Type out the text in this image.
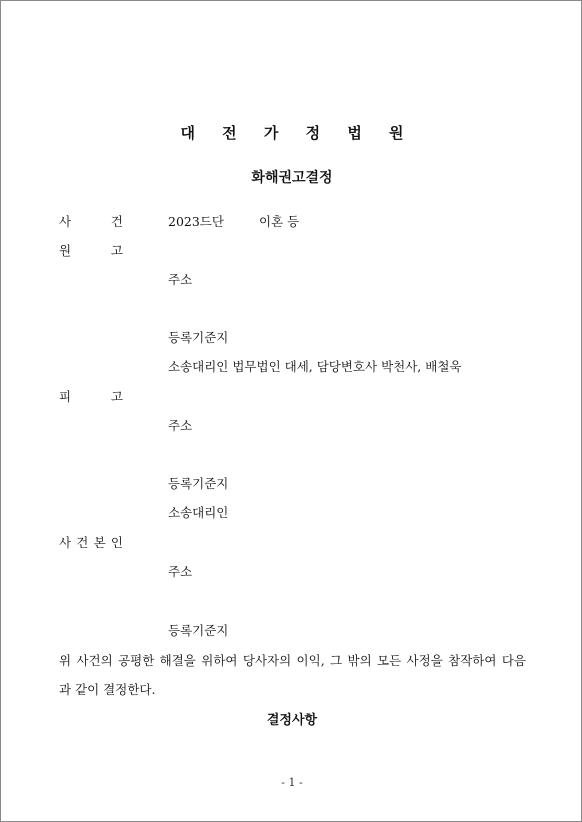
대 전 가 정 법 원
화해권고결정
사	건	2023드단	이혼 등
원	고
주소
등록기준지
소송대리인 법무법인 대세, 담당변호사 박천사, 배철욱
피	고
주소
등록기준지
소송대리인
사 건 본 인
주소
등록기준지
위 사건의 공평한 해결을 위하여 당사자의 이익, 그 밖의 모든 사정을 참작하여 다음
과 같이 결정한다.
결정사항
- 1 -
